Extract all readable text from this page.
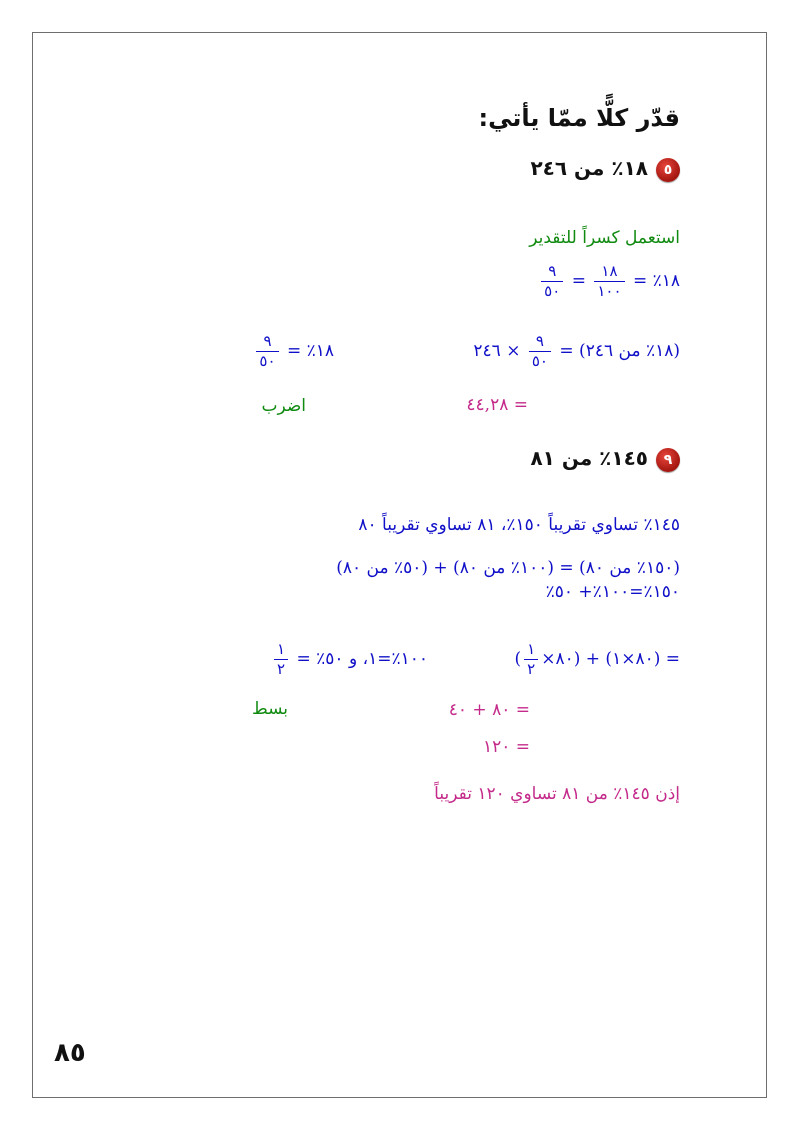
قدّر كلًّا ممّا يأتي:
٥١٨٪ من ٢٤٦
استعمل كسراً للتقدير
١٨٪ =
$\frac{١٨}{١٠٠}$
=
$\frac{٩}{٥٠}$
(١٨٪ من ٢٤٦) =
$\frac{٩}{٥٠}$
× ٢٤٦
١٨٪ =
$\frac{٩}{٥٠}$
= ٤٤,٢٨
اضرب
٩١٤٥٪ من ٨١
١٤٥٪ تساوي تقريباً ١٥٠٪، ٨١ تساوي تقريباً ٨٠
(١٥٠٪ من ٨٠) = (١٠٠٪ من ٨٠) + (٥٠٪ من ٨٠)
١٥٠٪=١٠٠٪+ ٥٠٪
= (٨٠×١) + (٨٠×
$\frac{١}{٢}$
)
١٠٠٪=١، و ٥٠٪ =
$\frac{١}{٢}$
= ٨٠ + ٤٠
بسط
= ١٢٠
إذن ١٤٥٪ من ٨١ تساوي ١٢٠ تقريباً
٨٥
